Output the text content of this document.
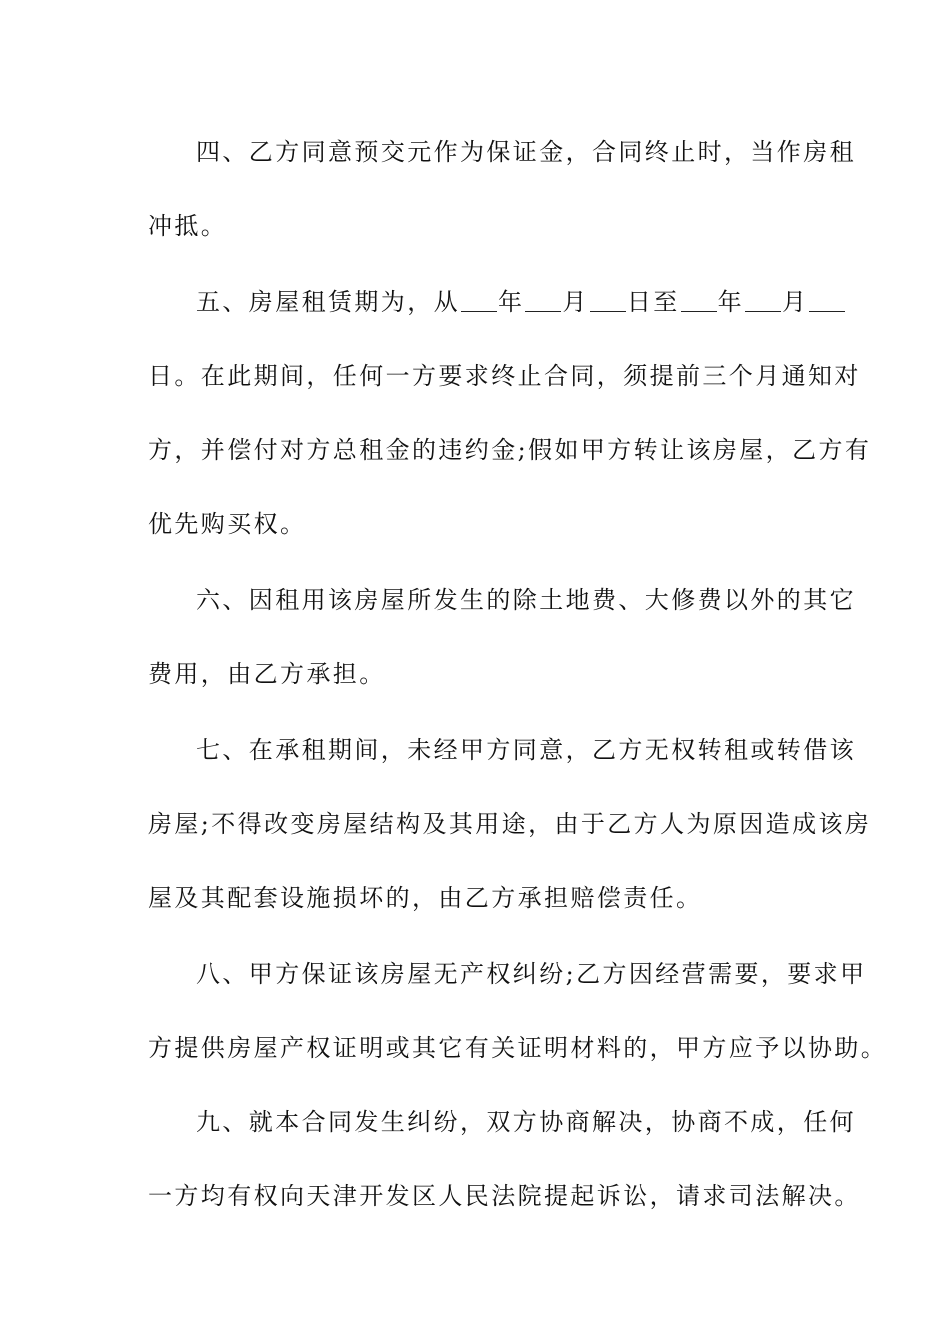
四、乙方同意预交元作为保证金，合同终止时，当作房租
冲抵。
五、房屋租赁期为，从 年 月 日至 年 月
日。在此期间，任何一方要求终止合同，须提前三个月通知对
方，并偿付对方总租金的违约金;假如甲方转让该房屋，乙方有
优先购买权。
六、因租用该房屋所发生的除土地费、大修费以外的其它
费用，由乙方承担。
七、在承租期间，未经甲方同意，乙方无权转租或转借该
房屋;不得改变房屋结构及其用途，由于乙方人为原因造成该房
屋及其配套设施损坏的，由乙方承担赔偿责任。
八、甲方保证该房屋无产权纠纷;乙方因经营需要，要求甲
方提供房屋产权证明或其它有关证明材料的，甲方应予以协助。
九、就本合同发生纠纷，双方协商解决，协商不成，任何
一方均有权向天津开发区人民法院提起诉讼，请求司法解决。
